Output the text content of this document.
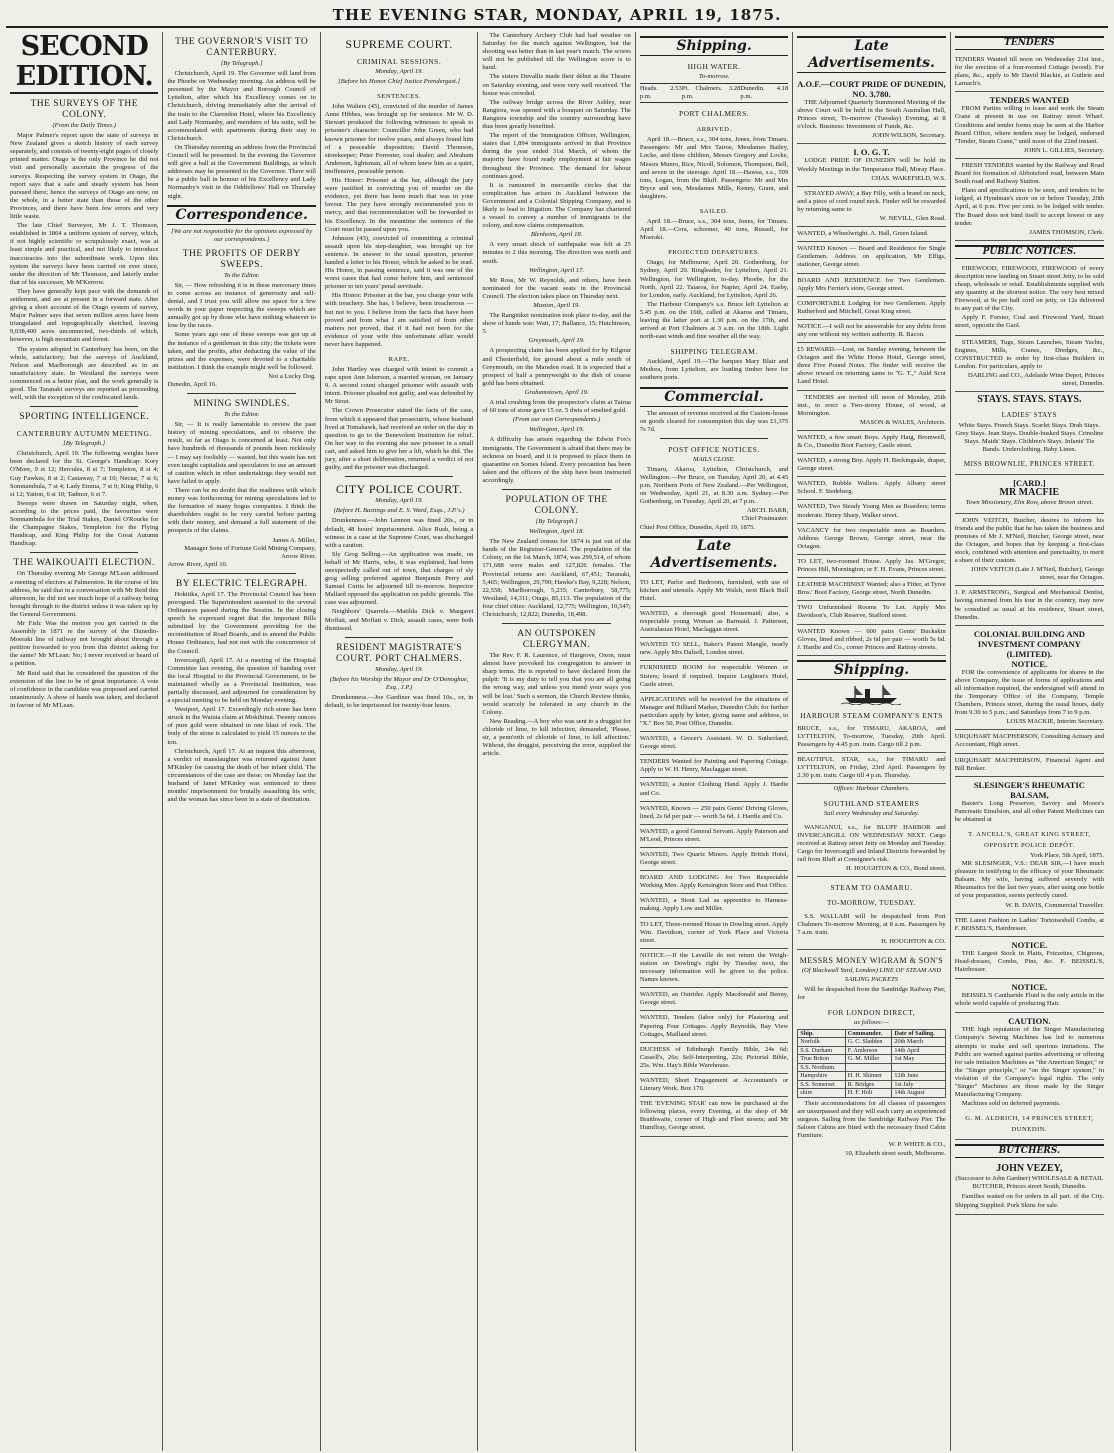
THE EVENING STAR, MONDAY, APRIL 19, 1875.
SECOND EDITION.
THE SURVEYS OF THE COLONY.
(From the Daily Times.)

Major Palmer's report upon the state of surveys in New Zealand gives a sketch history of each survey separately, and consists of twenty-eight pages of closely printed matter. Otago is the only Province he did not visit and personally ascertain the progress of the surveys. Respecting the survey system in Otago, the report says that a safe and steady system has been pursued there; hence the surveys of Otago are now, on the whole, in a better state than those of the other Provinces, and there have been few errors and very little waste.

The late Chief Surveyor, Mr J. T. Thomson, established in 1864 a uniform system of survey, which, if not highly scientific or scrupulously exact, was at least simple and practical, and not likely to introduce inaccuracies into the subordinate work. Upon this system the surveys have been carried on ever since, under the direction of Mr Thomson, and latterly under that of his successor, Mr M'Kerrow.

They have generally kept pace with the demands of settlement, and are at present in a forward state. After giving a short account of the Otago system of survey, Major Palmer says that seven million acres have been triangulated and topographically sketched, leaving 9,038,400 acres unconnected, two-thirds of which, however, is high mountain and forest.

The system adopted in Canterbury has been, on the whole, satisfactory; but the surveys of Auckland, Nelson and Marlborough are described as in an unsatisfactory state. In Westland the surveys were commenced on a better plan, and the work generally is good. The Taranaki surveys are reported as proceeding well, with the exception of the confiscated lands.

SPORTING INTELLIGENCE.
CANTERBURY AUTUMN MEETING.
[By Telegraph.]

Christchurch, April 19. The following weights have been declared for the St. George's Handicap: Kory O'More, 9 st 12; Hercules, 8 st 7; Templeton, 8 st 4; Guy Fawkes, 8 st 2; Castaway, 7 st 10; Nectar, 7 st 6; Somnambula, 7 st 4; Lady Emma, 7 st 0; King Philip, 6 st 12; Yatton, 6 st 10; Tadmor, 6 st 7.

Sweeps were drawn on Saturday night, when, according to the prices paid, the favourites were Somnambula for the Trial Stakes, Daniel O'Rourke for the Champagne Stakes, Templeton for the Flying Handicap, and King Philip for the Great Autumn Handicap.

THE WAIKOUAITI ELECTION.

On Thursday evening Mr George M'Lean addressed a meeting of electors at Palmerston. In the course of his address, he said that in a conversation with Mr Reid this afternoon, he did not see much hope of a railway being brought through to the district unless it was taken up by the General Government.

Mr Fish: Was the motion you got carried in the Assembly in 1871 re the survey of the Dunedin-Moeraki line of railway not brought about through a petition forwarded to you from this district asking for the same? Mr M'Lean: No; I never received or heard of a petition.

Mr Reid said that he considered the question of the extension of the line to be of great importance. A vote of confidence in the candidate was proposed and carried unanimously. A show of hands was taken, and declared in favour of Mr M'Lean.

THE GOVERNOR'S VISIT TO CANTERBURY.
[By Telegraph.]

Christchurch, April 19. The Governor will land from the Phoebe on Wednesday morning. An address will be presented by the Mayor and Borough Council of Lyttelton, after which his Excellency comes on to Christchurch, driving immediately after the arrival of the train to the Clarendon Hotel, where his Excellency and Lady Normanby, and members of his suite, will be accommodated with apartments during their stay in Christchurch.

On Thursday morning an address from the Provincial Council will be presented. In the evening the Governor will give a ball at the Government Buildings, at which addresses may be presented to the Governor. There will be a public ball in honour of his Excellency and Lady Normanby's visit in the Oddfellows' Hall on Thursday night.

Correspondence.
[We are not responsible for the opinions expressed by our correspondents.]
THE PROFITS OF DERBY SWEEPS.
To the Editor.

Sir, — How refreshing it is in these mercenary times to come across an instance of generosity and self-denial, and I trust you will allow me space for a few words in your paper respecting the sweeps which are annually got up by those who have nothing whatever to lose by the races.

Some years ago one of these sweeps was got up at the instance of a gentleman in this city; the tickets were taken, and the profits, after deducting the value of the prizes and the expenses, were devoted to a charitable institution. I think the example might well be followed.

Not a Lucky Dog.
Dunedin, April 16.
MINING SWINDLES.
To the Editor.

Sir, — It is really lamentable to review the past history of mining speculations, and to observe the result, so far as Otago is concerned at least. Not only have hundreds of thousands of pounds been recklessly — I may say foolishly — wasted, but this waste has not even taught capitalists and speculators to use an amount of caution which in other undertakings they would not have failed to apply.

There can be no doubt that the readiness with which money was forthcoming for mining speculations led to the formation of many bogus companies. I think the shareholders ought to be very careful before parting with their money, and demand a full statement of the prospects of the claims.

James A. Miller,
Manager Sons of Fortune Gold Mining Company, Arrow River.
Arrow River, April 10.
BY ELECTRIC TELEGRAPH.

Hokitika, April 17. The Provincial Council has been prorogued. The Superintendent assented to the several Ordinances passed during the Session. In the closing speech he expressed regret that the important Bills submitted by the Government providing for the reconstitution of Road Boards, and to amend the Public House Ordinance, had not met with the concurrence of the Council.

Invercargill, April 17. At a meeting of the Hospital Committee last evening, the question of handing over the local Hospital to the Provincial Government, to be maintained wholly as a Provincial Institution, was partially discussed, and adjourned for consideration by a special meeting to be held on Monday evening.

Westport, April 17. Exceedingly rich stone has been struck in the Waiuta claim at Mokihinui. Twenty ounces of pure gold were obtained in one blast of rock. The body of the stone is calculated to yield 15 ounces to the ton.

Christchurch, April 17. At an inquest this afternoon, a verdict of manslaughter was returned against Janet M'Kinley for causing the death of her infant child. The circumstances of the case are these: on Monday last the husband of Janet M'Kinley was sentenced to three months' imprisonment for brutally assaulting his wife, and the woman has since been in a state of destitution.

SUPREME COURT.
CRIMINAL SESSIONS.
Monday, April 19.
[Before his Honor Chief Justice Prendergast.]
SENTENCES.

John Walters (45), convicted of the murder of James Anne Hibbes, was brought up for sentence. Mr W. D. Stewart produced the following witnesses to speak to prisoner's character: Councillor John Green, who had known prisoner for twelve years, and always found him of a peaceable disposition; David Thomson, storekeeper; Peter Forrester, coal dealer; and Abraham Anderson, lightsman, all of whom knew him as a quiet, inoffensive, peaceable person.

His Honor: Prisoner at the bar, although the jury were justified in convicting you of murder on the evidence, yet there has been much that was in your favour. The jury have strongly recommended you to mercy, and that recommendation will be forwarded to his Excellency. In the meantime the sentence of the Court must be passed upon you.

Johnson (43), convicted of committing a criminal assault upon his step-daughter, was brought up for sentence. In answer to the usual question, prisoner handed a letter to his Honor, which he asked to be read. His Honor, in passing sentence, said it was one of the worst cases that had come before him, and sentenced prisoner to ten years' penal servitude.

His Honor: Prisoner at the bar, you charge your wife with treachery. She has, I believe, been treacherous — but not to you. I believe from the facts that have been proved and from what I am satisfied of from other matters not proved, that if it had not been for the evidence of your wife this unfortunate affair would never have happened.

RAPE.

John Hartley was charged with intent to commit a rape upon Ann Isberson, a married woman, on January 9. A second count charged prisoner with assault with intent. Prisoner pleaded not guilty, and was defended by Mr Stout.

The Crown Prosecutor stated the facts of the case, from which it appeared that prosecutrix, whose husband lived at Tomahawk, had received an order on the day in question to go to the Benevolent Institution for relief. On her way in the evening she saw prisoner in a small cart, and asked him to give her a lift, which he did. The jury, after a short deliberation, returned a verdict of not guilty, and the prisoner was discharged.

CITY POLICE COURT.
Monday, April 19.
(Before H. Bastings and E. S. Ward, Esqs., J.P.'s.)

Drunkenness.—John Lennon was fined 20s., or in default, 48 hours' imprisonment. Alice Rush, being a witness in a case at the Supreme Court, was discharged with a caution.

Sly Grog Selling.—An application was made, on behalf of Mr Harris, who, it was explained, had been unexpectedly called out of town, that charges of sly grog selling preferred against Benjamin Perry and Samuel Curtis be adjourned till to-morrow. Inspector Mallard opposed the application on public grounds. The case was adjourned.

Neighbors' Quarrels.—Matilda Dick v. Margaret Moffatt, and Moffatt v. Dick, assault cases, were both dismissed.

RESIDENT MAGISTRATE'S COURT. PORT CHALMERS.
Monday, April 19.
(Before his Worship the Mayor and Dr O'Donoghue, Esq., J.P.)

Drunkenness.—Joe Gardiner was fined 10s., or, in default, to be imprisoned for twenty-four hours.

The Canterbury Archery Club had bad weather on Saturday for the match against Wellington, but the shooting was better than in last year's match. The scores will not be published till the Wellington score is to hand.

The sisters Duvallis made their début at the Theatre on Saturday evening, and were very well received. The house was crowded.

The railway bridge across the River Ashley, near Rangiora, was opened with a bouquet on Saturday. The Rangiora township and the country surrounding have thus been greatly benefited.

The report of the Immigration Officer, Wellington, states that 1,894 immigrants arrived in that Province during the year ended 31st March, of whom the majority have found ready employment at fair wages throughout the Province. The demand for labour continues good.

It is rumoured in mercantile circles that the complication has arisen in Auckland between the Government and a Colonial Shipping Company, and is likely to lead to litigation. The Company has chartered a vessel to convey a number of immigrants to the colony, and now claims compensation.

Blenheim, April 18.

A very smart shock of earthquake was felt at 25 minutes to 2 this morning. The direction was north and south.

Wellington, April 17.

Mr Ross, Mr W. Reynolds, and others, have been nominated for the vacant seats in the Provincial Council. The election takes place on Thursday next.

Maxton, April 19.

The Rangitikei nomination took place to-day, and the show of hands was: Watt, 17; Ballance, 15; Hutchinson, 5.

Greymouth, April 19.

A prospecting claim has been applied for by Kilgour and Chesterfield, for ground about a mile south of Greymouth, on the Marsden road. It is expected that a prospect of half a pennyweight to the dish of coarse gold has been obtained.

Grahamstown, April 19.

A trial crushing from the prospector's claim at Tairua of 60 tons of stone gave 15 oz. 5 dwts of smelted gold.

(From our own Correspondents.)
Wellington, April 19.

A difficulty has arisen regarding the Edwin Fox's immigrants. The Government is afraid that there may be sickness on board, and it is proposed to place them in quarantine on Somes Island. Every precaution has been taken and the officers of the ship have been instructed accordingly.

POPULATION OF THE COLONY.
[By Telegraph.]
Wellington, April 18.

The New Zealand census for 1874 is just out of the hands of the Registrar-General. The population of the Colony, on the 1st March, 1874, was 299,514, of whom 171,688 were males and 127,826 females. The Provincial returns are: Auckland, 67,451; Taranaki, 5,465; Wellington, 29,790; Hawke's Bay, 9,228; Nelson, 22,558; Marlborough, 5,235; Canterbury, 58,775; Westland, 14,311; Otago, 85,113. The population of the four chief cities: Auckland, 12,775; Wellington, 10,547; Christchurch, 12,822; Dunedin, 18,498.

AN OUTSPOKEN CLERGYMAN.

The Rev. F. R. Laurence, of Hargrove, Oxon, must almost have provoked his congregation to answer in sharp terms. He is reported to have declared from the pulpit: 'It is my duty to tell you that you are all going the wrong way, and unless you mend your ways you will be lost.' Such a sermon, the Church Review thinks, would scarcely be tolerated in any church in the Colony.

New Reading.—A boy who was sent to a druggist for chloride of lime, to kill infection, demanded, 'Please, sir, a penn'orth of chloride of lime, to kill affection.' Without, the druggist, perceiving the error, supplied the article.

Shipping.
HIGH WATER.
To-morrow.
Heads. 2.53 p.m.
Pt. Chalmers. 3.28 p.m.
Dunedin. 4.18 p.m.
PORT CHALMERS.
ARRIVED.

April 18.—Bruce, s.s., 304 tons, Jones, from Timaru. Passengers: Mr and Mrs Tairoe, Mesdames Bailey, Locke, and three children, Messrs Gregory and Locke, Messrs Munro, Rice, Nicoll, Solomon, Thompson, Bell, and seven in the steerage. April 18.—Hawea, s.s., 599 tons, Logan, from the Bluff. Passengers: Mr and Mrs Bryce and son, Mesdames Mills, Kenny, Grant, and daughters.

SAILED.

April 18.—Bruce, s.s., 304 tons, Jones, for Timaru. April 18.—Cora, schooner, 40 tons, Russell, for Moeraki.

PROJECTED DEPARTURES.

Otago, for Melbourne, April 20. Gothenburg, for Sydney, April 20. Ringleader, for Lyttelton, April 21. Wellington, for Wellington, to-day. Phoebe, for the North, April 22. Taiaroa, for Napier, April 24. Easby, for London, early. Auckland, for Lyttelton, April 26.

The Harbour Company's s.s. Bruce left Lyttelton at 5.45 p.m. on the 16th, called at Akaroa and Timaru, leaving the latter port at 1.30 p.m. on the 17th, and arrived at Port Chalmers at 3 a.m. on the 18th. Light north-east winds and fine weather all the way.

SHIPPING TELEGRAM.

Auckland, April 19.—The barques Mary Blair and Medora, from Lyttelton, are loading timber here for southern ports.

Commercial.

The amount of revenue received at the Custom-house on goods cleared for consumption this day was £1,375 7s 7d.

POST OFFICE NOTICES.
MAILS CLOSE.

Timaru, Akaroa, Lyttelton, Christchurch, and Wellington.—Per Bruce, on Tuesday, April 20, at 4.45 p.m. Northern Ports of New Zealand.—Per Wellington, on Wednesday, April 21, at 8.30 a.m. Sydney.—Per Gothenburg, on Tuesday, April 20, at 7 p.m.

ARCH. BARR,
Chief Postmaster.
Chief Post Office, Dunedin, April 19, 1875.
Late Advertisements.
TO LET, Parlor and Bedroom, furnished, with use of kitchen and utensils. Apply Mr Walsh, next Black Bull Hotel.
WANTED, a thorough good Housemaid; also, a respectable young Woman as Barmaid. J. Patterson, Australasian Hotel, Maclaggan street.
WANTED TO SELL, Baker's Patent Mangle, nearly new. Apply Mrs Dalzell, London street.
FURNISHED ROOM for respectable Women or Sisters; board if required. Inquire Leighton's Hotel, Castle street.
APPLICATIONS will be received for the situations of Manager and Billiard Marker, Dunedin Club; for further particulars apply by letter, giving name and address, to "X." Box 50, Post Office, Dunedin.
WANTED, a Grocer's Assistant. W. D. Sutherland, George street.
TENDERS Wanted for Painting and Papering Cottage. Apply to W. H. Henry, Maclaggan street.
WANTED, a Junior Clothing Hand. Apply J. Hardie and Co.
WANTED, Known — 250 pairs Gents' Driving Gloves, lined, 2s 6d per pair — worth 5s 6d. J. Hardie and Co.
WANTED, a good General Servant. Apply Paterson and M'Leod, Princes street.
WANTED, Two Quartz Miners. Apply British Hotel, George street.
BOARD AND LODGING for Two Respectable Working Men. Apply Kensington Store and Post Office.
WANTED, a Stout Lad as apprentice to Harness-making. Apply Low and Miller.
TO LET, Three-roomed House in Dowling street. Apply Wm. Davidson, corner of York Place and Victoria street.
NOTICE.—If the Lavaille do not return the Weigh-station on Dowling's right by Tuesday next, the necessary information will be given to the police. Names known.
WANTED, an Outrider. Apply Macdonald and Benny, George street.
WANTED, Tenders (labor only) for Plastering and Papering Four Cottages. Apply Reynolds, Bay View Cottages, Mailland street.
DUCHESS of Edinburgh Family Bible, 24s 6d; Cassell's, 26s; Self-Interpreting, 22s; Pictorial Bible, 25s. Wm. Hay's Bible Warehouse.
WANTED, Short Engagement at Accountant's or Literary Work. Box 170.
THE 'EVENING STAR' can now be purchased at the following places, every Evening, at the shop of Mr Braithwaite, corner of High and Fleet streets; and Mr Humffray, George street.
Late Advertisements.
A.O.F.—COURT PRIDE OF DUNEDIN, NO. 3,780.

THE Adjourned Quarterly Summoned Meeting of the above Court will be held in the South Australian Hall, Princes street, To-morrow (Tuesday) Evening, at 8 o'clock. Business: Investment of Funds, &c.

JOHN WILSON, Secretary.
I. O. G. T.

LODGE PRIDE OF DUNEDIN will be hold its Weekly Meetings in the Temperance Hall, Moray Place.

CHAS. WAKEFIELD, W.S.

STRAYED AWAY, a Bay Filly, with a brand on neck, and a piece of cord round neck. Finder will be rewarded by returning same to

W. NEVILL, Glen Road.
WANTED, a Wheelwright. A. Hall, Green Island.
WANTED Known — Board and Residence for Single Gentlemen. Address on application, Mr Elfigs, stationer, George street.
BOARD AND RESIDENCE for Two Gentlemen. Apply Mrs Ferrier's store, George street.
COMFORTABLE Lodging for two Gentlemen. Apply Rutherford and Mitchell, Great King street.
NOTICE.—I will not be answerable for any debts from any one without my written authority. R. Bacon.
£5 REWARD.—Lost, on Sunday evening, between the Octagon and the White Horse Hotel, George street, three Five Pound Notes. The finder will receive the above reward on returning same to "G. T.," Auld Scot Land Hotel.

TENDERS are invited till noon of Monday, 26th inst., to erect a Two-storey House, of wood, at Mornington.

MASON & WALES, Architects.
WANTED, a few smart Boys. Apply Haig, Bromwell, & Co., Dunedin Boot Factory, Castle street.
WANTED, a strong Boy. Apply H. Beckingsale, draper, George street.
WANTED, Rubble Wallers. Apply Albany street School. F. Siedeberg.
WANTED, Two Steady Young Men as Boarders; terms moderate. Henry Sharp, Walker street.
VACANCY for two respectable men as Boarders. Address George Brown, George street, near the Octagon.
TO LET, two-roomed House. Apply Jas. M'Gregor, Princes Hill, Mornington; or F. H. Evans, Princes street.
LEATHER MACHINIST Wanted; also a Fitter, at Tyree Bros.' Boot Factory, George street, North Dunedin.
TWO Unfurnished Rooms To Let. Apply Mrs Davidson's, Club Reserve, Stafford street.
WANTED Known — 600 pairs Gents' Buckskin Gloves, lined and ribbed, 2s 6d per pair — worth 5s 6d. J. Hardie and Co., corner Princes and Rattray streets.
Shipping.
HARBOUR STEAM COMPANY'S ENTS
BRUCE, s.s., for TIMARU, AKAROA, and LYTTELTON, To-morrow, Tuesday, 20th April. Passengers by 4.45 p.m. train. Cargo till 2 p.m.
BEAUTIFUL STAR, s.s., for TIMARU and LYTTELTON, on Friday, 23rd April. Passengers by 2.30 p.m. train. Cargo till 4 p.m. Thursday.
Offices: Harbour Chambers.
SOUTHLAND STEAMERS
Sail every Wednesday and Saturday.

WANGANUI, s.s., for BLUFF HARBOR and INVERCARGILL ON WEDNESDAY NEXT. Cargo received at Rattray street Jetty on Monday and Tuesday. Cargo for Invercargill and Inland Districts forwarded by rail from Bluff at Consignee's risk.

H. HOUGHTON & CO., Bond street.
STEAM TO OAMARU.
TO-MORROW, TUESDAY.

S.S. WALLABI will be despatched from Port Chalmers To-morrow Morning, at 8 a.m. Passengers by 7 a.m. train.

H. HOUGHTON & CO.
MESSRS MONEY WIGRAM & SON'S
(Of Blackwall Yard, London) LINE OF STEAM AND SAILING PACKETS

Will be despatched from the Sandridge Railway Pier, for

FOR LONDON DIRECT,
as follows:—
Ship.	Commander.	Date of Sailing.
Norfolk	G. C. Sladden	20th March
S.S. Durham	F. Anderson	14th April
True Briton	G. M. Miller	1st May
S.S. Northum.		
Hampshire	H. H. Shinner	12th June
S.S. Somerset	R. Bridges	1st July
shire	H. F. Holt	14th August

Their accommodations for all classes of passengers are unsurpassed and they will each carry an experienced surgeon. Sailing from the Sandridge Railway Pier. The Saloon Cabins are fitted with the necessary fixed Cabin Furniture.

W. P. WHITE & CO.,
10, Elizabeth street south, Melbourne.
TENDERS
TENDERS Wanted till noon on Wednesday 21st inst., for the erection of a four-roomed Cottage (wood). For plans, &c., apply to Mr David Blackie, at Guthrie and Larnach's.
TENDERS WANTED

FROM Parties willing to lease and work the Steam Crane at present in use on Rattray street Wharf. Conditions and tender forms may be seen at the Harbor Board Office, where tenders may be lodged, endorsed "Tender, Steam Crane," until noon of the 22nd instant.

JOHN L. GILLIES, Secretary.

FRESH TENDERS wanted by the Railway and Road Board for formation of Abbotsford road, between Main South road and Railway Station.

Plans and specifications to be seen, and tenders to be lodged, at Hyndman's store on or before Tuesday, 20th April, at 6 p.m. Five per cent. to be lodged with tender. The Board does not bind itself to accept lowest or any tender.

JAMES THOMSON, Clerk.
PUBLIC NOTICES.

FIREWOOD, FIREWOOD, FIREWOOD of every description now landing on Stuart street Jetty, to be sold cheap, wholesale or retail. Establishments supplied with any quantity at the shortest notice. The very best mixed Firewood, at 9s per half cord on jetty, or 12s delivered to any part of the City.

Apply F. Forster, Coal and Firewood Yard, Stuart street, opposite the Gaol.

STEAMERS, Tugs, Steam Launches, Steam Yachts, Engines, Mills, Cranes, Dredges, &c., CONSTRUCTED to order by first-class Builders in London. For particulars, apply to

DARLING and CO., Adelaide Wine Depot, Princes street, Dunedin.
STAYS. STAYS. STAYS.
LADIES' STAYS

White Stays. French Stays. Scarlet Stays. Drab Stays. Grey Stays. Jean Stays. Double-busked Stays. Crinoline Stays. Maids' Stays. Children's Stays. Infants' Tie Bands. Underclothing. Baby Linen.

MISS BROWNLIE, PRINCES STREET.
[CARD.]
MR MACFIE
Town Missionary, Elm Row, above Brown street.

JOHN VEITCH, Butcher, desires to inform his friends and the public that he has taken the business and premises of Mr J. M'Neil, Butcher, George street, near the Octagon, and hopes that by keeping a first-class stock, combined with attention and punctuality, to merit a share of their custom.

JOHN VEITCH (Late J. M'Neil, Butcher), George street, near the Octagon.
J. P. ARMSTRONG, Surgical and Mechanical Dentist, having returned from his tour in the country, may now be consulted as usual at his residence, Stuart street, Dunedin.
COLONIAL BUILDING AND INVESTMENT COMPANY (LIMITED).
NOTICE.

FOR the convenience of applicants for shares in the above Company, the issue of forms of applications and all information required, the undersigned will attend in the Temporary Office of the Company, Temple Chambers, Princes street, during the usual hours, daily from 9.30 to 5 p.m.; and Saturdays from 7 to 9 p.m.

LOUIS MACKIE, Interim Secretary.
URQUHART MACPHERSON, Consulting Actuary and Accountant, High street.
URQUHART MACPHERSON, Financial Agent and Bill Broker.
SLESINGER'S RHEUMATIC BALSAM,

Baxter's Long Preserver, Savory and Moore's Pancreatic Emulsion, and all other Patent Medicines can be obtained at

T. ANCELL'S, GREAT KING STREET, OPPOSITE POLICE DEPÔT.
York Place, 5th April, 1875.

MR SLESINGER, V.S.: DEAR SIR,—I have much pleasure in testifying to the efficacy of your Rheumatic Balsam. My wife, having suffered severely with Rheumatics for the last two years, after using one bottle of your preparation, seems perfectly cured.

W. B. DAVIS, Commercial Traveller.
THE Latest Fashion in Ladies' Tortoiseshell Combs, at F. BEISSEL'S, Hairdresser.
NOTICE.

THE Largest Stock in Plaits, Frizzettes, Chignons, Head-dresses, Combs, Pins, &c. F. BEISSEL'S, Hairdresser.

NOTICE.

BEISSEL'S Cantharide Fluid is the only article in the whole world capable of producing Hair.

CAUTION.

THE high reputation of the Singer Manufacturing Company's Sewing Machines has led to numerous attempts to make and sell spurious imitations. The Public are warned against parties advertising or offering for sale imitation Machines as "the American Singer," or the "Singer principle," or "on the Singer system," in violation of the Company's legal rights. The only "Singer" Machines are those made by the Singer Manufacturing Company.

Machines sold on deferred payments.

G. M. ALDRICH, 14 PRINCES STREET, DUNEDIN.
BUTCHERS.
JOHN VEZEY,
(Successor to John Gardner) WHOLESALE & RETAIL BUTCHER, Princes street South, Dunedin.

Families waited on for orders in all part. of the City. Shipping Supplied. Pork Skins for sale.
